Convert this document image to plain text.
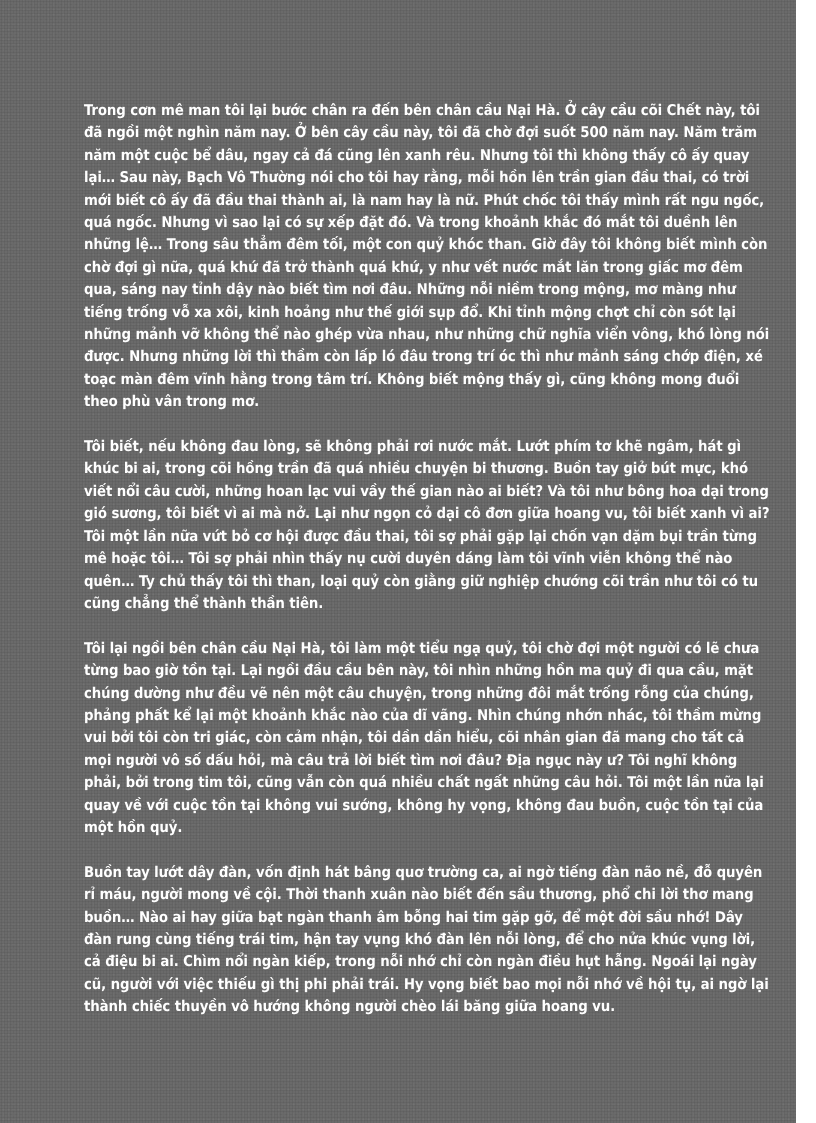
Trong cơn mê man tôi lại bước chân ra đến bên chân cầu Nại Hà. Ở cây cầu cõi Chết này, tôi đã ngồi một nghìn năm nay. Ở bên cây cầu này, tôi đã chờ đợi suốt 500 năm nay. Năm trăm năm một cuộc bể dâu, ngay cả đá cũng lên xanh rêu. Nhưng tôi thì không thấy cô ấy quay lại… Sau này, Bạch Vô Thường nói cho tôi hay rằng, mỗi hồn lên trần gian đầu thai, có trời mới biết cô ấy đã đầu thai thành ai, là nam hay là nữ. Phút chốc tôi thấy mình rất ngu ngốc, quá ngốc. Nhưng vì sao lại có sự xếp đặt đó. Và trong khoảnh khắc đó mắt tôi duềnh lên những lệ… Trong sâu thẳm đêm tối, một con quỷ khóc than. Giờ đây tôi không biết mình còn chờ đợi gì nữa, quá khứ đã trở thành quá khứ, y như vết nước mắt lăn trong giấc mơ đêm qua, sáng nay tỉnh dậy nào biết tìm nơi đâu. Những nỗi niềm trong mộng, mơ màng như tiếng trống vỗ xa xôi, kinh hoảng như thế giới sụp đổ. Khi tỉnh mộng chợt chỉ còn sót lại những mảnh vỡ không thể nào ghép vừa nhau, như những chữ nghĩa viển vông, khó lòng nói được. Nhưng những lời thì thầm còn lấp ló đâu trong trí óc thì như mảnh sáng chớp điện, xé toạc màn đêm vĩnh hằng trong tâm trí. Không biết mộng thấy gì, cũng không mong đuổi theo phù vân trong mơ.

Tôi biết, nếu không đau lòng, sẽ không phải rơi nước mắt. Lướt phím tơ khẽ ngâm, hát gì khúc bi ai, trong cõi hồng trần đã quá nhiều chuyện bi thương. Buồn tay giở bút mực, khó viết nổi câu cười, những hoan lạc vui vầy thế gian nào ai biết? Và tôi như bông hoa dại trong gió sương, tôi biết vì ai mà nở. Lại như ngọn cỏ dại cô đơn giữa hoang vu, tôi biết xanh vì ai? Tôi một lần nữa vứt bỏ cơ hội được đầu thai, tôi sợ phải gặp lại chốn vạn dặm bụi trần từng mê hoặc tôi… Tôi sợ phải nhìn thấy nụ cười duyên dáng làm tôi vĩnh viễn không thể nào quên… Ty chủ thấy tôi thì than, loại quỷ còn giằng giữ nghiệp chướng cõi trần như tôi có tu cũng chẳng thể thành thần tiên.

Tôi lại ngồi bên chân cầu Nại Hà, tôi làm một tiểu ngạ quỷ, tôi chờ đợi một người có lẽ chưa từng bao giờ tồn tại. Lại ngồi đầu cầu bên này, tôi nhìn những hồn ma quỷ đi qua cầu, mặt chúng dường như đều vẽ nên một câu chuyện, trong những đôi mắt trống rỗng của chúng, phảng phất kể lại một khoảnh khắc nào của dĩ vãng. Nhìn chúng nhớn nhác, tôi thầm mừng vui bởi tôi còn tri giác, còn cảm nhận, tôi dần dần hiểu, cõi nhân gian đã mang cho tất cả mọi người vô số dấu hỏi, mà câu trả lời biết tìm nơi đâu? Địa ngục này ư? Tôi nghĩ không phải, bởi trong tim tôi, cũng vẫn còn quá nhiều chất ngất những câu hỏi. Tôi một lần nữa lại quay về với cuộc tồn tại không vui sướng, không hy vọng, không đau buồn, cuộc tồn tại của một hồn quỷ.

Buồn tay lướt dây đàn, vốn định hát bâng quơ trường ca, ai ngờ tiếng đàn não nề, đỗ quyên rỉ máu, người mong về cội. Thời thanh xuân nào biết đến sầu thương, phổ chi lời thơ mang buồn… Nào ai hay giữa bạt ngàn thanh âm bỗng hai tim gặp gỡ, để một đời sầu nhớ! Dây đàn rung cùng tiếng trái tim, hận tay vụng khó đàn lên nỗi lòng, để cho nửa khúc vụng lời, cả điệu bi ai. Chìm nổi ngàn kiếp, trong nỗi nhớ chỉ còn ngàn điều hụt hẫng. Ngoái lại ngày cũ, người với việc thiếu gì thị phi phải trái. Hy vọng biết bao mọi nỗi nhớ về hội tụ, ai ngờ lại thành chiếc thuyền vô hướng không người chèo lái băng giữa hoang vu.
